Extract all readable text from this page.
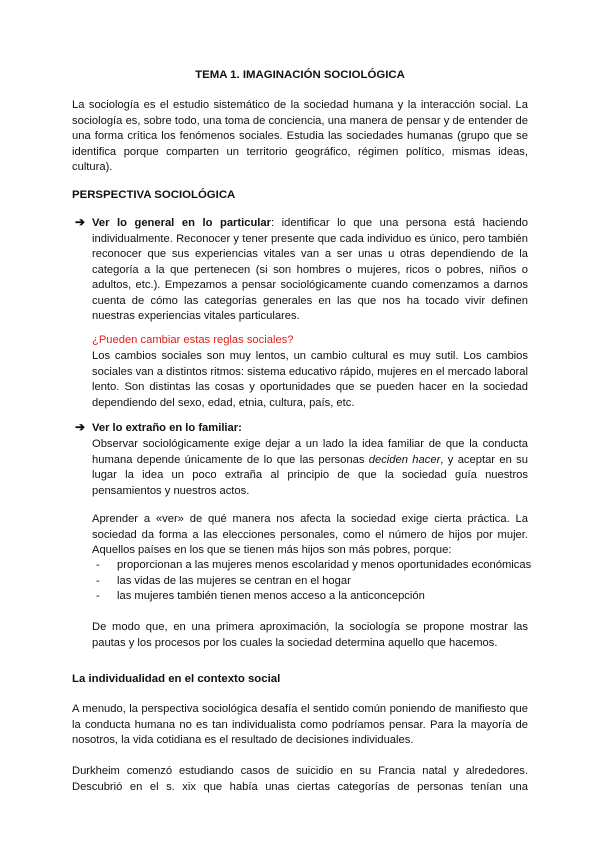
TEMA 1. IMAGINACIÓN SOCIOLÓGICA
La sociología es el estudio sistemático de la sociedad humana y la interacción social. La
sociología es, sobre todo, una toma de conciencia, una manera de pensar y de entender de
una forma crítica los fenómenos sociales. Estudia las sociedades humanas (grupo que se
identifica porque comparten un territorio geográfico, régimen político, mismas ideas,
cultura).
PERSPECTIVA SOCIOLÓGICA
➔ Ver lo general en lo particular: identificar lo que una persona está haciendo
individualmente. Reconocer y tener presente que cada individuo es único, pero también
reconocer que sus experiencias vitales van a ser unas u otras dependiendo de la
categoría a la que pertenecen (si son hombres o mujeres, ricos o pobres, niños o
adultos, etc.). Empezamos a pensar sociológicamente cuando comenzamos a darnos
cuenta de cómo las categorías generales en las que nos ha tocado vivir definen
nuestras experiencias vitales particulares.
¿Pueden cambiar estas reglas sociales?
Los cambios sociales son muy lentos, un cambio cultural es muy sutil. Los cambios
sociales van a distintos ritmos: sistema educativo rápido, mujeres en el mercado laboral
lento. Son distintas las cosas y oportunidades que se pueden hacer en la sociedad
dependiendo del sexo, edad, etnia, cultura, país, etc.
➔ Ver lo extraño en lo familiar:
Observar sociológicamente exige dejar a un lado la idea familiar de que la conducta
humana depende únicamente de lo que las personas deciden hacer, y aceptar en su
lugar la idea un poco extraña al principio de que la sociedad guía nuestros
pensamientos y nuestros actos.
Aprender a «ver» de qué manera nos afecta la sociedad exige cierta práctica. La
sociedad da forma a las elecciones personales, como el número de hijos por mujer.
Aquellos países en los que se tienen más hijos son más pobres, porque:
- proporcionan a las mujeres menos escolaridad y menos oportunidades económicas
- las vidas de las mujeres se centran en el hogar
- las mujeres también tienen menos acceso a la anticoncepción
De modo que, en una primera aproximación, la sociología se propone mostrar las
pautas y los procesos por los cuales la sociedad determina aquello que hacemos.
La individualidad en el contexto social
A menudo, la perspectiva sociológica desafía el sentido común poniendo de manifiesto que
la conducta humana no es tan individualista como podríamos pensar. Para la mayoría de
nosotros, la vida cotidiana es el resultado de decisiones individuales.
Durkheim comenzó estudiando casos de suicidio en su Francia natal y alrededores.
Descubrió en el s. xix que había unas ciertas categorías de personas tenían una
